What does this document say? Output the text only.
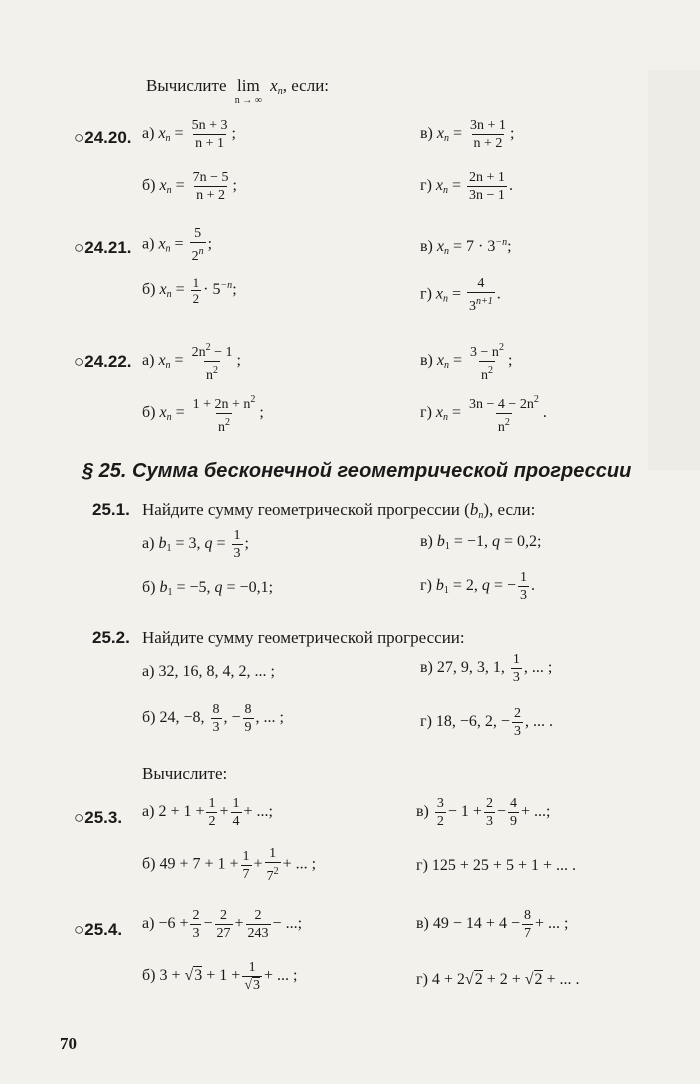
Вычислите lim
n → ∞
$x_n$, если:
○24.20. а) $x_n = \frac{5n + 3}{n + 1}$ ;	в) $x_n = \frac{3n + 1}{n + 2}$ ;
б) $x_n = \frac{7n - 5}{n + 2}$ ;	г) $x_n = \frac{2n + 1}{3n - 1}$ .
○24.21. а) $x_n = \frac{5}{2^n}$ ;	в) $x_n = 7 \cdot 3^{-n}$;
б) $x_n = \frac{1}{2} \cdot 5^{-n}$;	г) $x_n = \frac{4}{3^{n+1}}$ .
○24.22. а) $x_n = \frac{2n^2 - 1}{n^2}$ ;	в) $x_n = \frac{3 - n^2}{n^2}$ ;
б) $x_n = \frac{1 + 2n + n^2}{n^2}$ ;	г) $x_n = \frac{3n - 4 - 2n^2}{n^2}$ .
§ 25. Сумма бесконечной геометрической прогрессии
25.1. Найдите сумму геометрической прогрессии $(b_n)$, если:
а) $b_1 = 3$, $q = \frac{1}{3}$ ;	в) $b_1 = -1$, q = 0,2;
б) $b_1 = -5$, q = −0,1;	г) $b_1 = 2$, q = − $\frac{1}{3}$ .
25.2. Найдите сумму геометрической прогрессии:
а) 32, 16, 8, 4, 2, ... ;	в) 27, 9, 3, 1, $\frac{1}{3}$ , ... ;
б) 24, −8, $\frac{8}{3}$ , − $\frac{8}{9}$ , ... ;	г) 18, −6, 2, − $\frac{2}{3}$ , ... .
Вычислите:
○25.3. а) $2 + 1 + \frac{1}{2} + \frac{1}{4}$ + ...;	$в) \frac{3}{2} - 1 + \frac{2}{3} - \frac{4}{9}$ + ...;
б) $49 + 7 + 1 + \frac{1}{7} + \frac{1}{7^2}$ + ... ;	г) 125 + 25 + 5 + 1 + ... .
○25.4. $а) -6 + \frac{2}{3} - \frac{2}{27} + \frac{2}{243}$ − ...;	в) $49 - 14 + 4 - \frac{8}{7}$ + ... ;
б) $3 + √3 + 1 + \frac{1}{√3}$ + ... ;	г) 4 + 2√2 + 2 + √2 + ... .
70
